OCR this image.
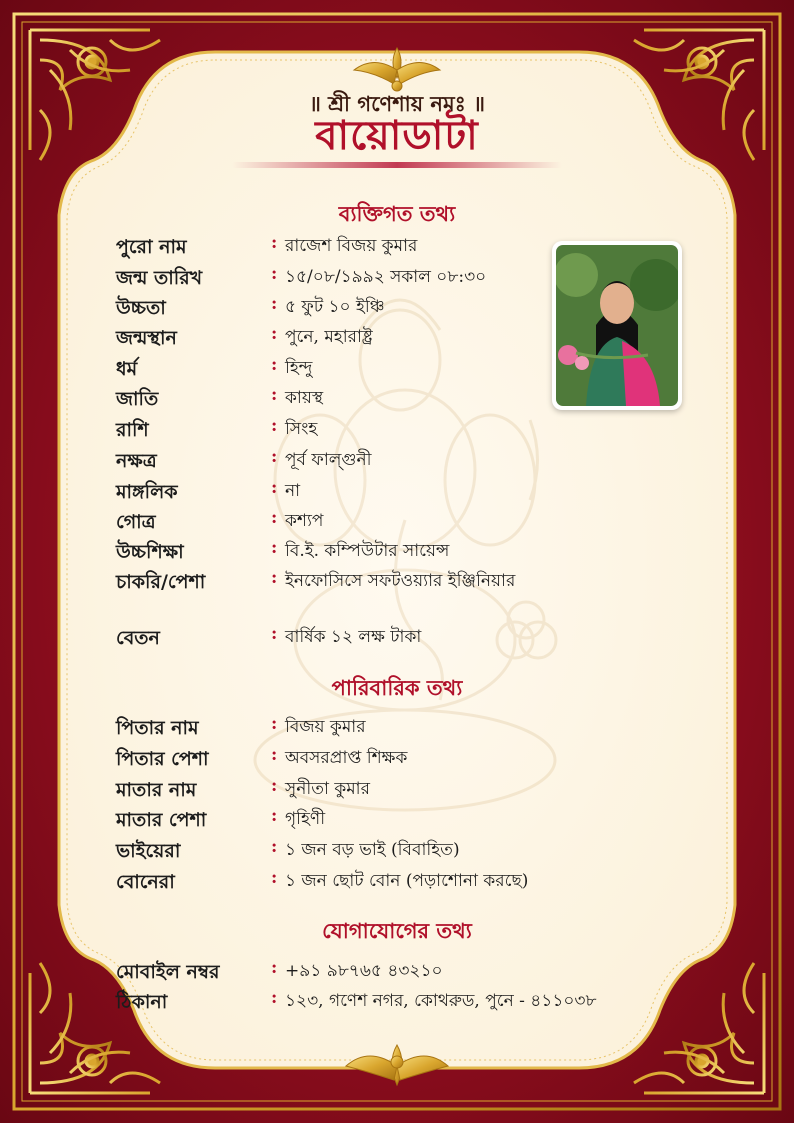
॥ শ্রী গণেশায় নমঃ ॥
বায়োডাটা
ব্যক্তিগত তথ্য
পুরো নাম	: রাজেশ বিজয় কুমার
জন্ম তারিখ	: ১৫/০৮/১৯৯২ সকাল ০৮:৩০
উচ্চতা	: ৫ ফুট ১০ ইঞ্চি
জন্মস্থান	: পুনে, মহারাষ্ট্র
ধর্ম	: হিন্দু
জাতি	: কায়স্থ
রাশি	: সিংহ
নক্ষত্র	: পূর্ব ফাল্গুনী
মাঙ্গলিক	: না
গোত্র	: কশ্যপ
উচ্চশিক্ষা	: বি.ই. কম্পিউটার সায়েন্স
চাকরি/পেশা	: ইনফোসিসে সফটওয়্যার ইঞ্জিনিয়ার
বেতন	: বার্ষিক ১২ লক্ষ টাকা
পারিবারিক তথ্য
পিতার নাম	: বিজয় কুমার
পিতার পেশা	: অবসরপ্রাপ্ত শিক্ষক
মাতার নাম	: সুনীতা কুমার
মাতার পেশা	: গৃহিণী
ভাইয়েরা	: ১ জন বড় ভাই (বিবাহিত)
বোনেরা	: ১ জন ছোট বোন (পড়াশোনা করছে)
যোগাযোগের তথ্য
মোবাইল নম্বর	: +৯১ ৯৮৭৬৫ ৪৩২১০
ঠিকানা	: ১২৩, গণেশ নগর, কোথরুড, পুনে - ৪১১০৩৮
